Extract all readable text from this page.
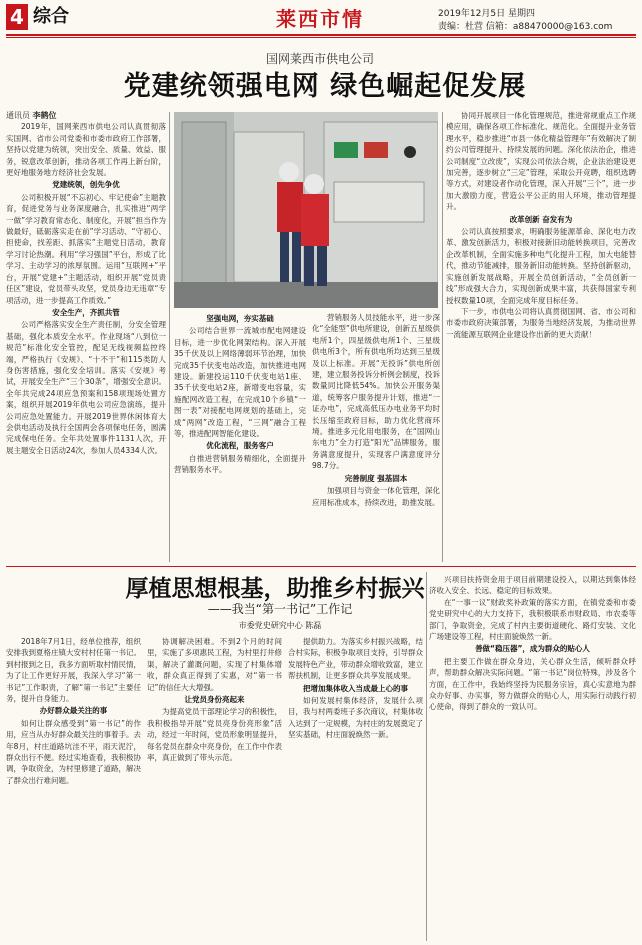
4 综合	莱西市情	2019年12月5日 星期四
责编：杜营 信箱：a88470000@163.com
国网莱西市供电公司
党建统领强电网 绿色崛起促发展

通讯员 李鹤位

2019年，国网莱西市供电公司认真贯彻落实国网、省市公司党委和市委市政府工作部署，坚持以党建为统领，突出安全、质量、效益、服务，锐意改革创新，推动各项工作再上新台阶，更好地服务地方经济社会发展。

党建统领，创先争优

公司积极开展“不忘初心、牢记使命”主题教育，促进党务与业务深度融合，扎实推进“两学一做”学习教育常态化、制度化，开展“担当作为做最好，砥砺落实走在前”学习活动、“守初心、担使命，找差距、抓落实”主题党日活动，教育学习讨论热潮。利用“学习强国”平台，形成了比学习、主动学习的浓厚氛围。运用“互联网+”平台，开展“党建+”主题活动，组织开展“党员责任区”建设，党员带头攻坚，党员身边无违章“专项活动，进一步提高工作质效。”

安全生产，齐抓共管

公司严格落实安全生产责任制，分安全管理基础，强化本质安全水平。作业现场“八到位一规范”标准化安全管控，配足无线视频监控终端，严格执行《安规》、“十不干”和115类防人身伤害措施，强化安全培训。落实《安规》考试，开展安全生产“三个30条”，增强安全意识。全年共完成24项应急预案和158项现场处置方案，组织开展2019年供电公司应急演练，提升公司应急处置能力。开展2019世界休闲体育大会供电活动及执行全国两会各项保电任务，圆满完成保电任务。全年共处置事件1131人次，开展主题安全日活动24次，参加人员4334人次。

坚强电网，夯实基础

公司结合世界一流城市配电网建设目标，进一步优化网架结构。深入开展35千伏及以上网络薄弱环节治理，加快完成35千伏变电站改造，加快推进电网建设。新建投运110千伏变电站1座、35千伏变电站2座，新增变电容量，实施配网改造工程，在完成10个乡镇“一图一表”对接配电网规划的基础上，完成“两网”改造工程，“三网”融合工程等，推进配网智能化建设。

优化流程，服务客户

自推进营销服务精细化，全面提升营销服务水平。

营销服务人员技能水平，进一步深化“全能型”供电所建设，创新五星级供电所1个，四星级供电所1个、三星级供电所3个，所有供电所均达到三星级及以上标准。开展“无投诉”供电所创建，建立服务投诉分析例会制度，投诉数量同比降低54%。加快公开服务渠道，统筹客户服务提升计划，推进“一证办电”，完成高低压办电业务平均时长压缩至政府目标，助力优化营商环境。推进多元化用电服务，在“国网山东电力”全力打造“阳光”品牌服务，服务满意度提升，实现客户满意度评分98.7分。

完善制度 强基固本

加强项目与资金一体化管理，深化应用标准成本，持续改进，助推发展。

协同开展项目一体化管理规范，推进常规重点工作规模应用，确保各项工作标准化、规范化。全面提升业务管理水平，稳步推进“市县一体化精益管理年”有效解决了制约公司管理提升、持续发展的问题。深化依法治企，推进公司制度“立改废”，实现公司依法合规，企业法治建设更加完善，逐步树立“三定”管理，采取公开竞聘，组织选聘等方式，对建设者作动化管理，深入开展“三个”，进一步加大激励力度，营造公平公正的用人环境，推动管理提升。

改革创新 奋发有为

公司认真按照要求，明确服务能源革命、深化电力改革、激发创新活力，积极对接新旧动能转换项目，完善改企改革机制，全面实施多种电气化提升工程，加大电能替代，推动节能减排，服务新旧动能转换。坚持创新驱动，实施创新发展战略，开展全员创新活动，“全员创新一线”形成强大合力，实现创新成果丰富，共获得国家专利授权数量10项，全面完成年度目标任务。

下一步，市供电公司将认真贯彻国网、省、市公司和市委市政府决策部署，为服务当地经济发展，为推动世界一流能源互联网企业建设作出新的更大贡献！

厚植思想根基，助推乡村振兴
——我当“第一书记”工作记
市委党史研究中心 陈磊

2018年7月1日，经单位推荐，组织安排我到夏格庄镇大安村村任第一书记。到村报到之日，我多方面听取村情民情，为了让工作更好开展，我深入学习“第一书记”工作职责，了解“第一书记”主要任务，提升自身能力。

办好群众最关注的事

如何让群众感受到“第一书记”的作用，应当从办好群众最关注的事着手。去年8月，村庄道路坑洼不平，雨天泥泞，群众出行不便。经过实地查看，我积极协调，争取资金，为村里修建了道路，解决了群众出行难问题。

协调解决困难。不到2个月的时间里，实施了多项惠民工程，为村里打井修渠，解决了灌溉问题，实现了村集体增收，群众真正得到了实惠，对“第一书记”的信任大大增强。

让党员身份亮起来

为提高党员干部理论学习的积极性，我积极指导开展“党员亮身份亮形象”活动，经过一年时间，党员形象明显提升，每名党员在群众中亮身份，在工作中作表率，真正做到了带头示范。

提供助力。为落实乡村振兴战略，结合村实际，积极争取项目支持，引导群众发展特色产业，带动群众增收致富，建立帮扶机制，让更多群众共享发展成果。

把增加集体收入当成最上心的事

如何发展村集体经济，发展什么项目，我与村两委班子多次商议，村集体收入达到了一定规模，为村庄的发展奠定了坚实基础，村庄面貌焕然一新。

兴项目扶持资金用于项目前期建设投入，以期达到集体经济收入安全、长远、稳定的目标效果。

在“一事一议”财政奖补政策的落实方面，在镇党委和市委党史研究中心的大力支持下，我积极联系市财政局、市农委等部门，争取资金，完成了村内主要街道硬化、路灯安装、文化广场建设等工程，村庄面貌焕然一新。

善做“稳压器”，成为群众的贴心人

把主要工作做在群众身边，关心群众生活，倾听群众呼声，帮助群众解决实际问题。“第一书记”岗位特殊，涉及各个方面，在工作中，我始终坚持为民服务宗旨，真心实意地为群众办好事、办实事，努力做群众的贴心人，用实际行动践行初心使命，得到了群众的一致认可。
